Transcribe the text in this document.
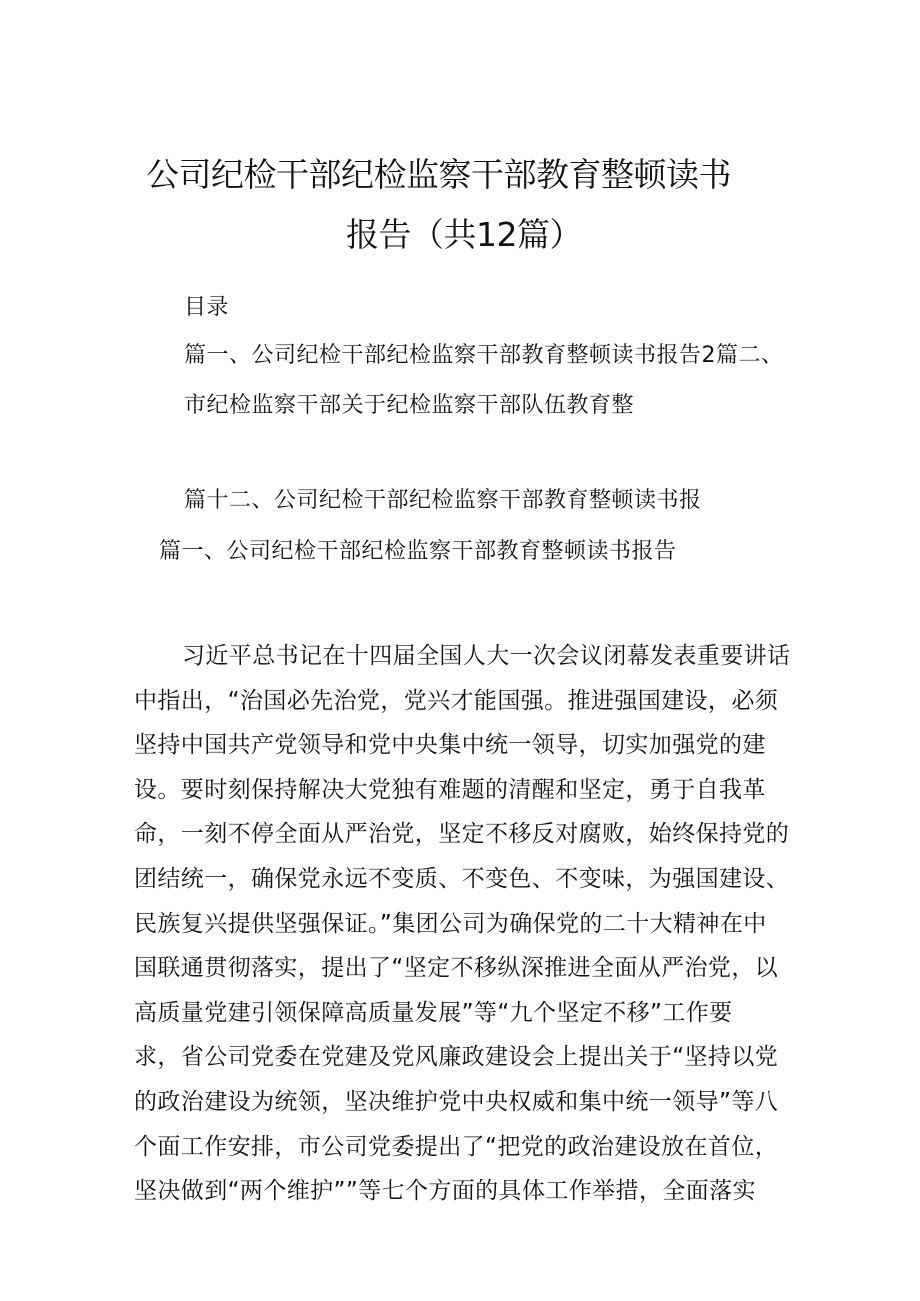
公司纪检干部纪检监察干部教育整顿读书
报告（共12篇）
目录
篇一、公司纪检干部纪检监察干部教育整顿读书报告2篇二、
市纪检监察干部关于纪检监察干部队伍教育整
篇十二、公司纪检干部纪检监察干部教育整顿读书报
篇一、公司纪检干部纪检监察干部教育整顿读书报告
习近平总书记在十四届全国人大一次会议闭幕发表重要讲话
中指出，“治国必先治党，党兴才能国强。推进强国建设，必须
坚持中国共产党领导和党中央集中统一领导，切实加强党的建
设。要时刻保持解决大党独有难题的清醒和坚定，勇于自我革
命，一刻不停全面从严治党，坚定不移反对腐败，始终保持党的
团结统一，确保党永远不变质、不变色、不变味，为强国建设、
民族复兴提供坚强保证。”集团公司为确保党的二十大精神在中
国联通贯彻落实，提出了“坚定不移纵深推进全面从严治党，以
高质量党建引领保障高质量发展”等“九个坚定不移”工作要
求，省公司党委在党建及党风廉政建设会上提出关于“坚持以党
的政治建设为统领，坚决维护党中央权威和集中统一领导”等八
个面工作安排，市公司党委提出了“把党的政治建设放在首位，
坚决做到“两个维护””等七个方面的具体工作举措，全面落实
